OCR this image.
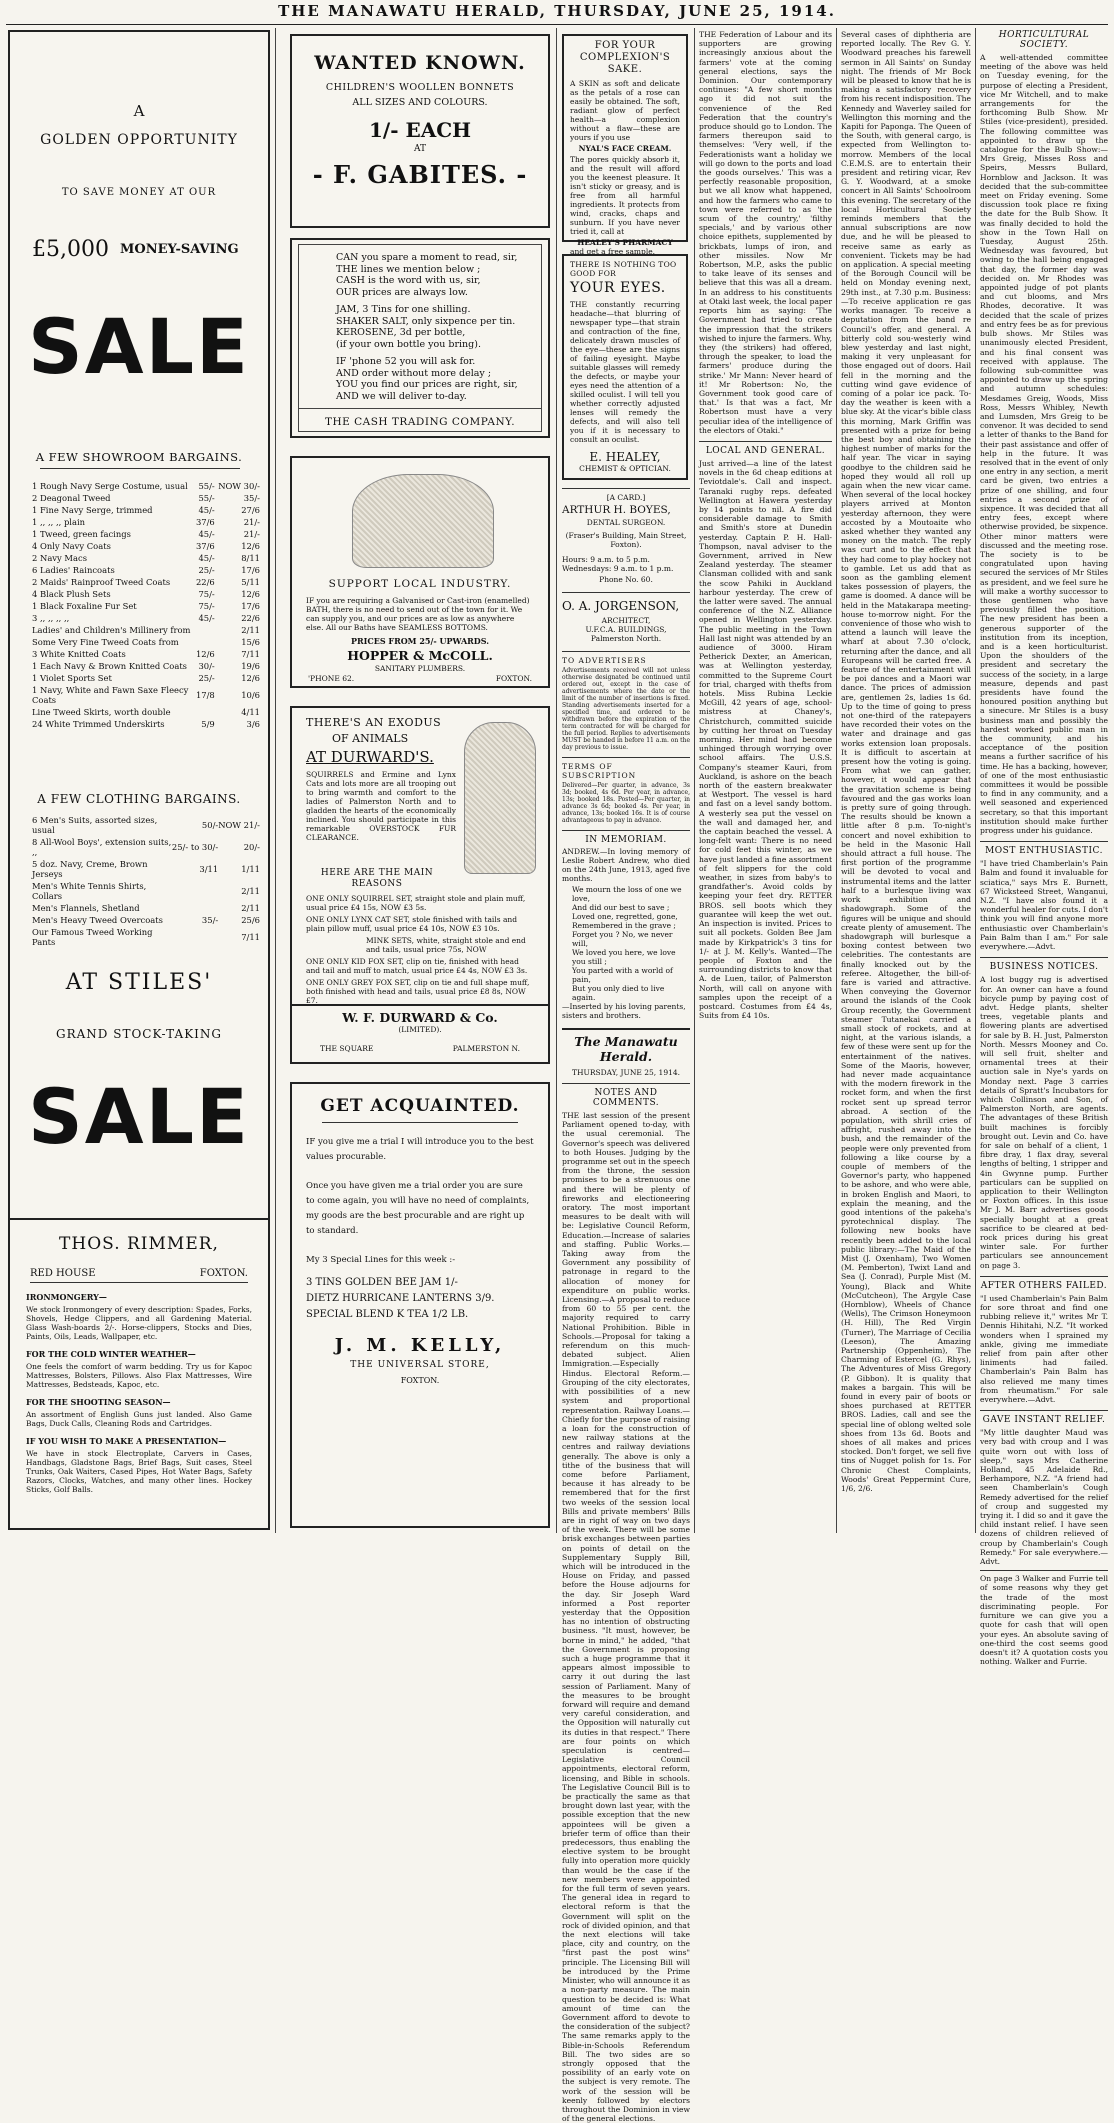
THE MANAWATU HERALD, THURSDAY, JUNE 25, 1914.
A
GOLDEN OPPORTUNITY
TO SAVE MONEY AT OUR
£5,000 MONEY-SAVING
SALE
A FEW SHOWROOM BARGAINS.
1 Rough Navy Serge Costume, usual	55/-	NOW 30/-
2 Deagonal Tweed	55/-	35/-
1 Fine Navy Serge, trimmed	45/-	27/6
1 ,, ,, ,, plain	37/6	21/-
1 Tweed, green facings	45/-	21/-
4 Only Navy Coats	37/6	12/6
2 Navy Macs	45/-	8/11
6 Ladies' Raincoats	25/-	17/6
2 Maids' Rainproof Tweed Coats	22/6	5/11
4 Black Plush Sets	75/-	12/6
1 Black Foxaline Fur Set	75/-	17/6
3 ,, ,, ,, ,,	45/-	22/6
Ladies' and Children's Millinery from		2/11
Some Very Fine Tweed Coats from		15/6
3 White Knitted Coats	12/6	7/11
1 Each Navy & Brown Knitted Coats	30/-	19/6
1 Violet Sports Set	25/-	12/6
1 Navy, White and Fawn Saxe Fleecy Coats	17/8	10/6
Line Tweed Skirts, worth double		4/11
24 White Trimmed Underskirts	5/9	3/6
A FEW CLOTHING BARGAINS.
6 Men's Suits, assorted sizes, usual	50/-	NOW 21/-
8 All-Wool Boys', extension suits, ,,	25/- to 30/-	20/-
5 doz. Navy, Creme, Brown Jerseys	3/11	1/11
Men's White Tennis Shirts, Collars		2/11
Men's Flannels, Shetland		2/11
Men's Heavy Tweed Overcoats	35/-	25/6
Our Famous Tweed Working Pants		7/11
AT STILES'
GRAND STOCK-TAKING
SALE
WANTED KNOWN.
CHILDREN'S WOOLLEN BONNETS
ALL SIZES AND COLOURS.
1/- EACH
AT
- F. GABITES. -
CAN you spare a moment to read, sir,
THE lines we mention below ;
CASH is the word with us, sir,
OUR prices are always low.
JAM, 3 Tins for one shilling.
SHAKER SALT, only sixpence per tin.
KEROSENE, 3d per bottle,
(if your own bottle you bring).
IF 'phone 52 you will ask for.
AND order without more delay ;
YOU you find our prices are right, sir,
AND we will deliver to-day.
THE CASH TRADING COMPANY.
SUPPORT LOCAL INDUSTRY.
IF you are requiring a Galvanised or Cast-iron (enamelled) BATH, there is no need to send out of the town for it. We can supply you, and our prices are as low as anywhere else. All our Baths have SEAMLESS BOTTOMS.
PRICES FROM 25/- UPWARDS.
HOPPER & McCOLL.
SANITARY PLUMBERS.
'PHONE 62.	FOXTON.
THERE'S AN EXODUS
OF ANIMALS
AT DURWARD'S.
SQUIRRELS and Ermine and Lynx Cats and lots more are all trooping out to bring warmth and comfort to the ladies of Palmerston North and to gladden the hearts of the economically inclined. You should participate in this remarkable OVERSTOCK FUR CLEARANCE.
HERE ARE THE MAIN REASONS
ONE ONLY SQUIRREL SET, straight stole and plain muff, usual price £4 15s, NOW £3 5s.
ONE ONLY LYNX CAT SET, stole finished with tails and plain pillow muff, usual price £4 10s, NOW £3 10s.
MINK SETS, white, straight stole and end and tails, usual price 75s, NOW
ONE ONLY KID FOX SET, clip on tie, finished with head and tail and muff to match, usual price £4 4s, NOW £3 3s.
ONE ONLY GREY FOX SET, clip on tie and full shape muff, both finished with head and tails, usual price £8 8s, NOW £7.
W. F. DURWARD & Co.
(LIMITED).
THE SQUARE	PALMERSTON N.
GET ACQUAINTED.
IF you give me a trial I will introduce you to the best values procurable.
Once you have given me a trial order you are sure to come again, you will have no need of complaints, my goods are the best procurable and are right up to standard.
My 3 Special Lines for this week :-
3 TINS GOLDEN BEE JAM 1/-
DIETZ HURRICANE LANTERNS 3/9.
SPECIAL BLEND K TEA 1/2 LB.
J. M. KELLY,
THE UNIVERSAL STORE,
FOXTON.
THOS. RIMMER,
RED HOUSE	FOXTON.
IRONMONGERY—
We stock Ironmongery of every description: Spades, Forks, Shovels, Hedge Clippers, and all Gardening Material. Glass Wash-boards 2/-. Horse-clippers, Stocks and Dies, Paints, Oils, Leads, Wallpaper, etc.
FOR THE COLD WINTER WEATHER—
One feels the comfort of warm bedding. Try us for Kapoc Mattresses, Bolsters, Pillows. Also Flax Mattresses, Wire Mattresses, Bedsteads, Kapoc, etc.
FOR THE SHOOTING SEASON—
An assortment of English Guns just landed. Also Game Bags, Duck Calls, Cleaning Rods and Cartridges.
IF YOU WISH TO MAKE A PRESENTATION—
We have in stock Electroplate, Carvers in Cases, Handbags, Gladstone Bags, Brief Bags, Suit cases, Steel Trunks, Oak Waiters, Cased Pipes, Hot Water Bags, Safety Razors, Clocks, Watches, and many other lines. Hockey Sticks, Golf Balls.
FOR YOUR COMPLEXION'S SAKE.
A SKIN as soft and delicate as the petals of a rose can easily be obtained. The soft, radiant glow of perfect health—a complexion without a flaw—these are yours if you use
NYAL'S FACE CREAM.
The pores quickly absorb it, and the result will afford you the keenest pleasure. It isn't sticky or greasy, and is free from all harmful ingredients. It protects from wind, cracks, chaps and sunburn. If you have never tried it, call at
HEALEY'S PHARMACY
and get a free sample.
THERE IS NOTHING TOO GOOD FOR
YOUR EYES.
THE constantly recurring headache—that blurring of newspaper type—that strain and contraction of the fine, delicately drawn muscles of the eye—these are the signs of failing eyesight. Maybe suitable glasses will remedy the defects, or maybe your eyes need the attention of a skilled oculist. I will tell you whether correctly adjusted lenses will remedy the defects, and will also tell you if it is necessary to consult an oculist.
E. HEALEY,
CHEMIST & OPTICIAN.
[A CARD.]
ARTHUR H. BOYES,
DENTAL SURGEON.
(Fraser's Building, Main Street, Foxton).
Hours: 9 a.m. to 5 p.m. Wednesdays: 9 a.m. to 1 p.m.
Phone No. 60.
O. A. JORGENSON,
ARCHITECT,
U.F.C.A. BUILDINGS,
Palmerston North.
TO ADVERTISERS
Advertisements received will not unless otherwise designated be continued until ordered out, except in the case of advertisements where the date or the limit of the number of insertions is fixed. Standing advertisements inserted for a specified time, and ordered to be withdrawn before the expiration of the term contracted for will be charged for the full period. Replies to advertisements MUST be handed in before 11 a.m. on the day previous to issue.
TERMS OF SUBSCRIPTION
Delivered—Per quarter, in advance, 3s 3d; booked, 4s 6d. Per year, in advance, 13s; booked 18s. Posted—Per quarter, in advance 3s 6d; booked 4s. Per year, in advance, 13s; booked 16s. It is of course advantageous to pay in advance.
IN MEMORIAM.
ANDREW.—In loving memory of Leslie Robert Andrew, who died on the 24th June, 1913, aged five months.
We mourn the loss of one we love,
And did our best to save ;
Loved one, regretted, gone,
Remembered in the grave ;
Forget you ? No, we never will,
We loved you here, we love you still ;
You parted with a world of pain,
But you only died to live again.
—Inserted by his loving parents, sisters and brothers.
The Manawatu Herald.
THURSDAY, JUNE 25, 1914.
NOTES AND COMMENTS.

THE last session of the present Parliament opened to-day, with the usual ceremonial. The Governor's speech was delivered to both Houses. Judging by the programme set out in the speech from the throne, the session promises to be a strenuous one and there will be plenty of fireworks and electioneering oratory. The most important measures to be dealt with will be: Legislative Council Reform, Education.—Increase of salaries and staffing. Public Works.—Taking away from the Government any possibility of patronage in regard to the allocation of money for expenditure on public works. Licensing.—A proposal to reduce from 60 to 55 per cent. the majority required to carry National Prohibition. Bible in Schools.—Proposal for taking a referendum on this much-debated subject. Alien Immigration.—Especially Hindus. Electoral Reform.—Grouping of the city electorates, with possibilities of a new system and proportional representation. Railway Loans.—Chiefly for the purpose of raising a loan for the construction of new railway stations at the centres and railway deviations generally. The above is only a tithe of the business that will come before Parliament, because it has already to be remembered that for the first two weeks of the session local Bills and private members' Bills are in right of way on two days of the week. There will be some brisk exchanges between parties on points of detail on the Supplementary Supply Bill, which will be introduced in the House on Friday, and passed before the House adjourns for the day. Sir Joseph Ward informed a Post reporter yesterday that the Opposition has no intention of obstructing business. "It must, however, be borne in mind," he added, "that the Government is proposing such a huge programme that it appears almost impossible to carry it out during the last session of Parliament. Many of the measures to be brought forward will require and demand very careful consideration, and the Opposition will naturally cut its duties in that respect." There are four points on which speculation is centred—Legislative Council appointments, electoral reform, licensing, and Bible in schools. The Legislative Council Bill is to be practically the same as that brought down last year, with the possible exception that the new appointees will be given a briefer term of office than their predecessors, thus enabling the elective system to be brought fully into operation more quickly than would be the case if the new members were appointed for the full term of seven years. The general idea in regard to electoral reform is that the Government will split on the rock of divided opinion, and that the next elections will take place, city and country, on the "first past the post wins" principle. The Licensing Bill will be introduced by the Prime Minister, who will announce it as a non-party measure. The main question to be decided is: What amount of time can the Government afford to devote to the consideration of the subject? The same remarks apply to the Bible-in-Schools Referendum Bill. The two sides are so strongly opposed that the possibility of an early vote on the subject is very remote. The work of the session will be keenly followed by electors throughout the Dominion in view of the general elections.

THE Federation of Labour and its supporters are growing increasingly anxious about the farmers' vote at the coming general elections, says the Dominion. Our contemporary continues: "A few short months ago it did not suit the convenience of the Red Federation that the country's produce should go to London. The farmers thereupon said to themselves: 'Very well, if the Federationists want a holiday we will go down to the ports and load the goods ourselves.' This was a perfectly reasonable proposition, but we all know what happened, and how the farmers who came to town were referred to as 'the scum of the country,' 'filthy specials,' and by various other choice epithets, supplemented by brickbats, lumps of iron, and other missiles. Now Mr Robertson, M.P., asks the public to take leave of its senses and believe that this was all a dream. In an address to his constituents at Otaki last week, the local paper reports him as saying: 'The Government had tried to create the impression that the strikers wished to injure the farmers. Why, they (the strikers) had offered, through the speaker, to load the farmers' produce during the strike.' Mr Mann: Never heard of it! Mr Robertson: No, the Government took good care of that.' Is that was a fact, Mr Robertson must have a very peculiar idea of the intelligence of the electors of Otaki."

LOCAL AND GENERAL.

Just arrived—a line of the latest novels in the 6d cheap editions at Teviotdale's. Call and inspect. Taranaki rugby reps. defeated Wellington at Hawera yesterday by 14 points to nil. A fire did considerable damage to Smith and Smith's store at Dunedin yesterday. Captain P. H. Hall-Thompson, naval adviser to the Government, arrived in New Zealand yesterday. The steamer Clansman collided with and sank the scow Pahiki in Auckland harbour yesterday. The crew of the latter were saved. The annual conference of the N.Z. Alliance opened in Wellington yesterday. The public meeting in the Town Hall last night was attended by an audience of 3000. Hiram Petherick Dexter, an American, was at Wellington yesterday, committed to the Supreme Court for trial, charged with thefts from hotels. Miss Rubina Leckie McGill, 42 years of age, school-mistress at Chaney's, Christchurch, committed suicide by cutting her throat on Tuesday morning. Her mind had become unhinged through worrying over school affairs. The U.S.S. Company's steamer Kauri, from Auckland, is ashore on the beach north of the eastern breakwater at Westport. The vessel is hard and fast on a level sandy bottom. A westerly sea put the vessel on the wall and damaged her, and the captain beached the vessel. A long-felt want: There is no need for cold feet this winter, as we have just landed a fine assortment of felt slippers for the cold weather, in sizes from baby's to grandfather's. Avoid colds by keeping your feet dry. RETTER BROS. sell boots which they guarantee will keep the wet out. An inspection is invited. Prices to suit all pockets. Golden Bee Jam made by Kirkpatrick's 3 tins for 1/- at J. M. Kelly's. Wanted—The people of Foxton and the surrounding districts to know that A. de Luen, tailor, of Palmerston North, will call on anyone with samples upon the receipt of a postcard. Costumes from £4 4s, Suits from £4 10s.

Several cases of diphtheria are reported locally. The Rev G. Y. Woodward preaches his farewell sermon in All Saints' on Sunday night. The friends of Mr Bock will be pleased to know that he is making a satisfactory recovery from his recent indisposition. The Kennedy and Waverley sailed for Wellington this morning and the Kapiti for Paponga. The Queen of the South, with general cargo, is expected from Wellington to-morrow. Members of the local C.E.M.S. are to entertain their president and retiring vicar, Rev G. Y. Woodward, at a smoke concert in All Saints' Schoolroom this evening. The secretary of the local Horticultural Society reminds members that the annual subscriptions are now due, and he will be pleased to receive same as early as convenient. Tickets may be had on application. A special meeting of the Borough Council will be held on Monday evening next, 29th inst., at 7.30 p.m. Business:—To receive application re gas works manager. To receive a deputation from the band re Council's offer, and general. A bitterly cold sou-westerly wind blew yesterday and last night, making it very unpleasant for those engaged out of doors. Hail fell in the morning and the cutting wind gave evidence of coming of a polar ice pack. To-day the weather is keen with a blue sky. At the vicar's bible class this morning, Mark Griffin was presented with a prize for being the best boy and obtaining the highest number of marks for the half year. The vicar in saying goodbye to the children said he hoped they would all roll up again when the new vicar came. When several of the local hockey players arrived at Monton yesterday afternoon, they were accosted by a Moutoaite who asked whether they wanted any money on the match. The reply was curt and to the effect that they had come to play hockey not to gamble. Let us add that as soon as the gambling element takes possession of players, the game is doomed. A dance will be held in the Matakarapa meeting-house to-morrow night. For the convenience of those who wish to attend a launch will leave the wharf at about 7.30 o'clock, returning after the dance, and all Europeans will be carted free. A feature of the entertainment will be poi dances and a Maori war dance. The prices of admission are, gentlemen 2s, ladies 1s 6d. Up to the time of going to press not one-third of the ratepayers have recorded their votes on the water and drainage and gas works extension loan proposals. It is difficult to ascertain at present how the voting is going. From what we can gather, however, it would appear that the gravitation scheme is being favoured and the gas works loan is pretty sure of going through. The results should be known a little after 8 p.m. To-night's concert and novel exhibition to be held in the Masonic Hall should attract a full house. The first portion of the programme will be devoted to vocal and instrumental items and the latter half to a burlesque living wax work exhibition and shadowgraph. Some of the figures will be unique and should create plenty of amusement. The shadowgraph will burlesque a boxing contest between two celebrities. The contestants are finally knocked out by the referee. Altogether, the bill-of-fare is varied and attractive. When conveying the Governor around the islands of the Cook Group recently, the Government steamer Tutanekai carried a small stock of rockets, and at night, at the various islands, a few of these were sent up for the entertainment of the natives. Some of the Maoris, however, had never made acquaintance with the modern firework in the rocket form, and when the first rocket sent up spread terror abroad. A section of the population, with shrill cries of affright, rushed away into the bush, and the remainder of the people were only prevented from following a like course by a couple of members of the Governor's party, who happened to be ashore, and who were able, in broken English and Maori, to explain the meaning, and the good intentions of the pakeha's pyrotechnical display. The following new books have recently been added to the local public library:—The Maid of the Mist (J. Oxenham), Two Women (M. Pemberton), Twixt Land and Sea (J. Conrad), Purple Mist (M. Young), Black and White (McCutcheon), The Argyle Case (Hornblow), Wheels of Chance (Wells), The Crimson Honeymoon (H. Hill), The Red Virgin (Turner), The Marriage of Cecilia (Leeson), The Amazing Partnership (Oppenheim), The Charming of Estercel (G. Rhys), The Adventures of Miss Gregory (P. Gibbon). It is quality that makes a bargain. This will be found in every pair of boots or shoes purchased at RETTER BROS. Ladies, call and see the special line of oblong welted sole shoes from 13s 6d. Boots and shoes of all makes and prices stocked. Don't forget, we sell five tins of Nugget polish for 1s. For Chronic Chest Complaints, Woods' Great Peppermint Cure, 1/6, 2/6.

HORTICULTURAL SOCIETY.

A well-attended committee meeting of the above was held on Tuesday evening, for the purpose of electing a President, vice Mr Witchell, and to make arrangements for the forthcoming Bulb Show. Mr Stiles (vice-president), presided. The following committee was appointed to draw up the catalogue for the Bulb Show:—Mrs Greig, Misses Ross and Speirs, Messrs Bullard, Hornblow and Jackson. It was decided that the sub-committee meet on Friday evening. Some discussion took place re fixing the date for the Bulb Show. It was finally decided to hold the show in the Town Hall on Tuesday, August 25th. Wednesday was favoured, but owing to the hall being engaged that day, the former day was decided on. Mr Rhodes was appointed judge of pot plants and cut blooms, and Mrs Rhodes, decorative. It was decided that the scale of prizes and entry fees be as for previous bulb shows. Mr Stiles was unanimously elected President, and his final consent was received with applause. The following sub-committee was appointed to draw up the spring and autumn schedules: Mesdames Greig, Woods, Miss Ross, Messrs Whibley, Newth and Lumsden, Mrs Greig to be convenor. It was decided to send a letter of thanks to the Band for their past assistance and offer of help in the future. It was resolved that in the event of only one entry in any section, a merit card be given, two entries a prize of one shilling, and four entries a second prize of sixpence. It was decided that all entry fees, except where otherwise provided, be sixpence. Other minor matters were discussed and the meeting rose. The society is to be congratulated upon having secured the services of Mr Stiles as president, and we feel sure he will make a worthy successor to those gentlemen who have previously filled the position. The new president has been a generous supporter of the institution from its inception, and is a keen horticulturist. Upon the shoulders of the president and secretary the success of the society, in a large measure, depends and past presidents have found the honoured position anything but a sinecure. Mr Stiles is a busy business man and possibly the hardest worked public man in the community, and his acceptance of the position means a further sacrifice of his time. He has a backing, however, of one of the most enthusiastic committees it would be possible to find in any community, and a well seasoned and experienced secretary, so that this important institution should make further progress under his guidance.

MOST ENTHUSIASTIC.

"I have tried Chamberlain's Pain Balm and found it invaluable for sciatica," says Mrs E. Burnett, 67 Wicksteed Street, Wanganui, N.Z. "I have also found it a wonderful healer for cuts. I don't think you will find anyone more enthusiastic over Chamberlain's Pain Balm than I am." For sale everywhere.—Advt.

BUSINESS NOTICES.

A lost buggy rug is advertised for. An owner can have a found bicycle pump by paying cost of advt. Hedge plants, shelter trees, vegetable plants and flowering plants are advertised for sale by B. H. Just, Palmerston North. Messrs Mooney and Co. will sell fruit, shelter and ornamental trees at their auction sale in Nye's yards on Monday next. Page 3 carries details of Spratt's Incubators for which Collinson and Son, of Palmerston North, are agents. The advantages of these British built machines is forcibly brought out. Levin and Co. have for sale on behalf of a client, 1 fibre dray, 1 flax dray, several lengths of belting, 1 stripper and 4in Gwynne pump. Further particulars can be supplied on application to their Wellington or Foxton offices. In this issue Mr J. M. Barr advertises goods specially bought at a great sacrifice to be cleared at bed-rock prices during his great winter sale. For further particulars see announcement on page 3.

AFTER OTHERS FAILED.

"I used Chamberlain's Pain Balm for sore throat and find one rubbing relieve it," writes Mr T. Dennis Hihitahi, N.Z. "It worked wonders when I sprained my ankle, giving me immediate relief from pain after other liniments had failed. Chamberlain's Pain Balm has also relieved me many times from rheumatism." For sale everywhere.—Advt.

GAVE INSTANT RELIEF.

"My little daughter Maud was very bad with croup and I was quite worn out with loss of sleep," says Mrs Catherine Holland, 45 Adelaide Rd., Berhampore, N.Z. "A friend had seen Chamberlain's Cough Remedy advertised for the relief of croup and suggested my trying it. I did so and it gave the child instant relief. I have seen dozens of children relieved of croup by Chamberlain's Cough Remedy." For sale everywhere.—Advt.

On page 3 Walker and Furrie tell of some reasons why they get the trade of the most discriminating people. For furniture we can give you a quote for cash that will open your eyes. An absolute saving of one-third the cost seems good doesn't it? A quotation costs you nothing. Walker and Furrie.
